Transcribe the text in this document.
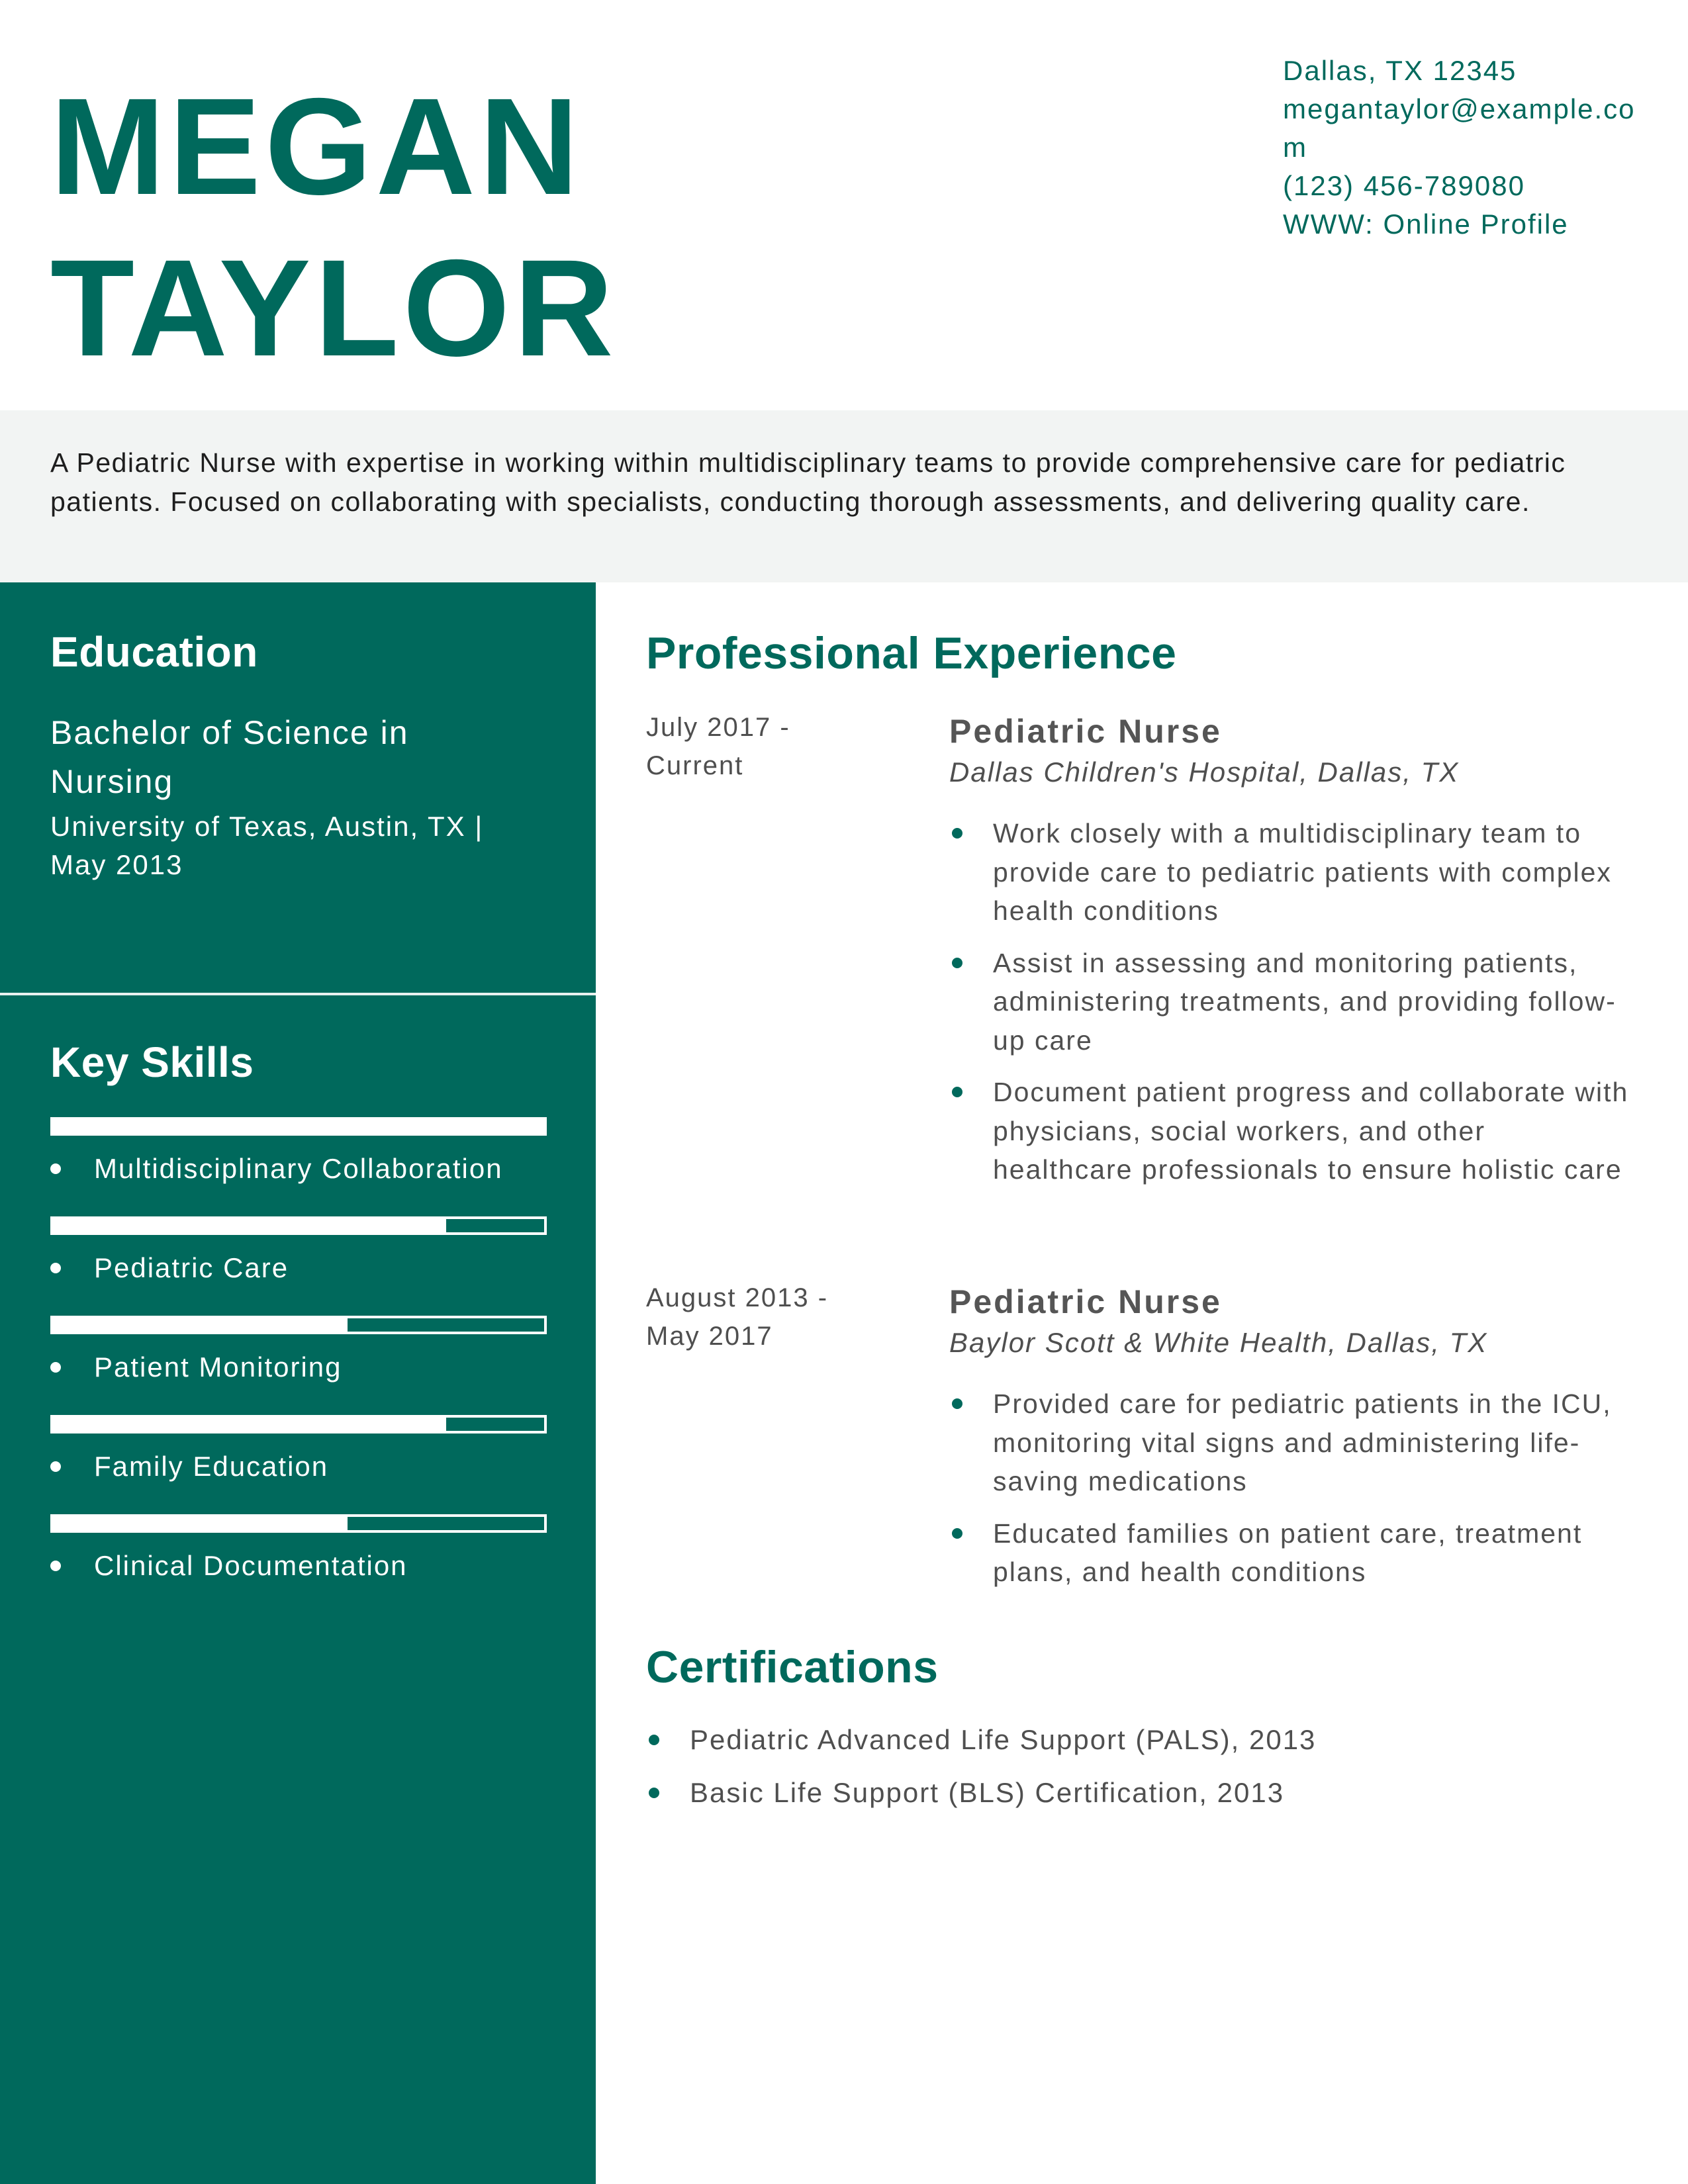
MEGAN
TAYLOR
Dallas, TX 12345
megantaylor@example.com
(123) 456-789080
WWW: Online Profile
A Pediatric Nurse with expertise in working within multidisciplinary teams to provide comprehensive care for pediatric patients. Focused on collaborating with specialists, conducting thorough assessments, and delivering quality care.
Education
Bachelor of Science in Nursing
University of Texas, Austin, TX | May 2013
Key Skills
Multidisciplinary Collaboration
Pediatric Care
Patient Monitoring
Family Education
Clinical Documentation
Professional Experience
July 2017 - Current
Pediatric Nurse
Dallas Children's Hospital, Dallas, TX
Work closely with a multidisciplinary team to provide care to pediatric patients with complex health conditions
Assist in assessing and monitoring patients, administering treatments, and providing follow-up care
Document patient progress and collaborate with physicians, social workers, and other healthcare professionals to ensure holistic care
August 2013 - May 2017
Pediatric Nurse
Baylor Scott & White Health, Dallas, TX
Provided care for pediatric patients in the ICU, monitoring vital signs and administering life-saving medications
Educated families on patient care, treatment plans, and health conditions
Certifications
Pediatric Advanced Life Support (PALS), 2013
Basic Life Support (BLS) Certification, 2013
